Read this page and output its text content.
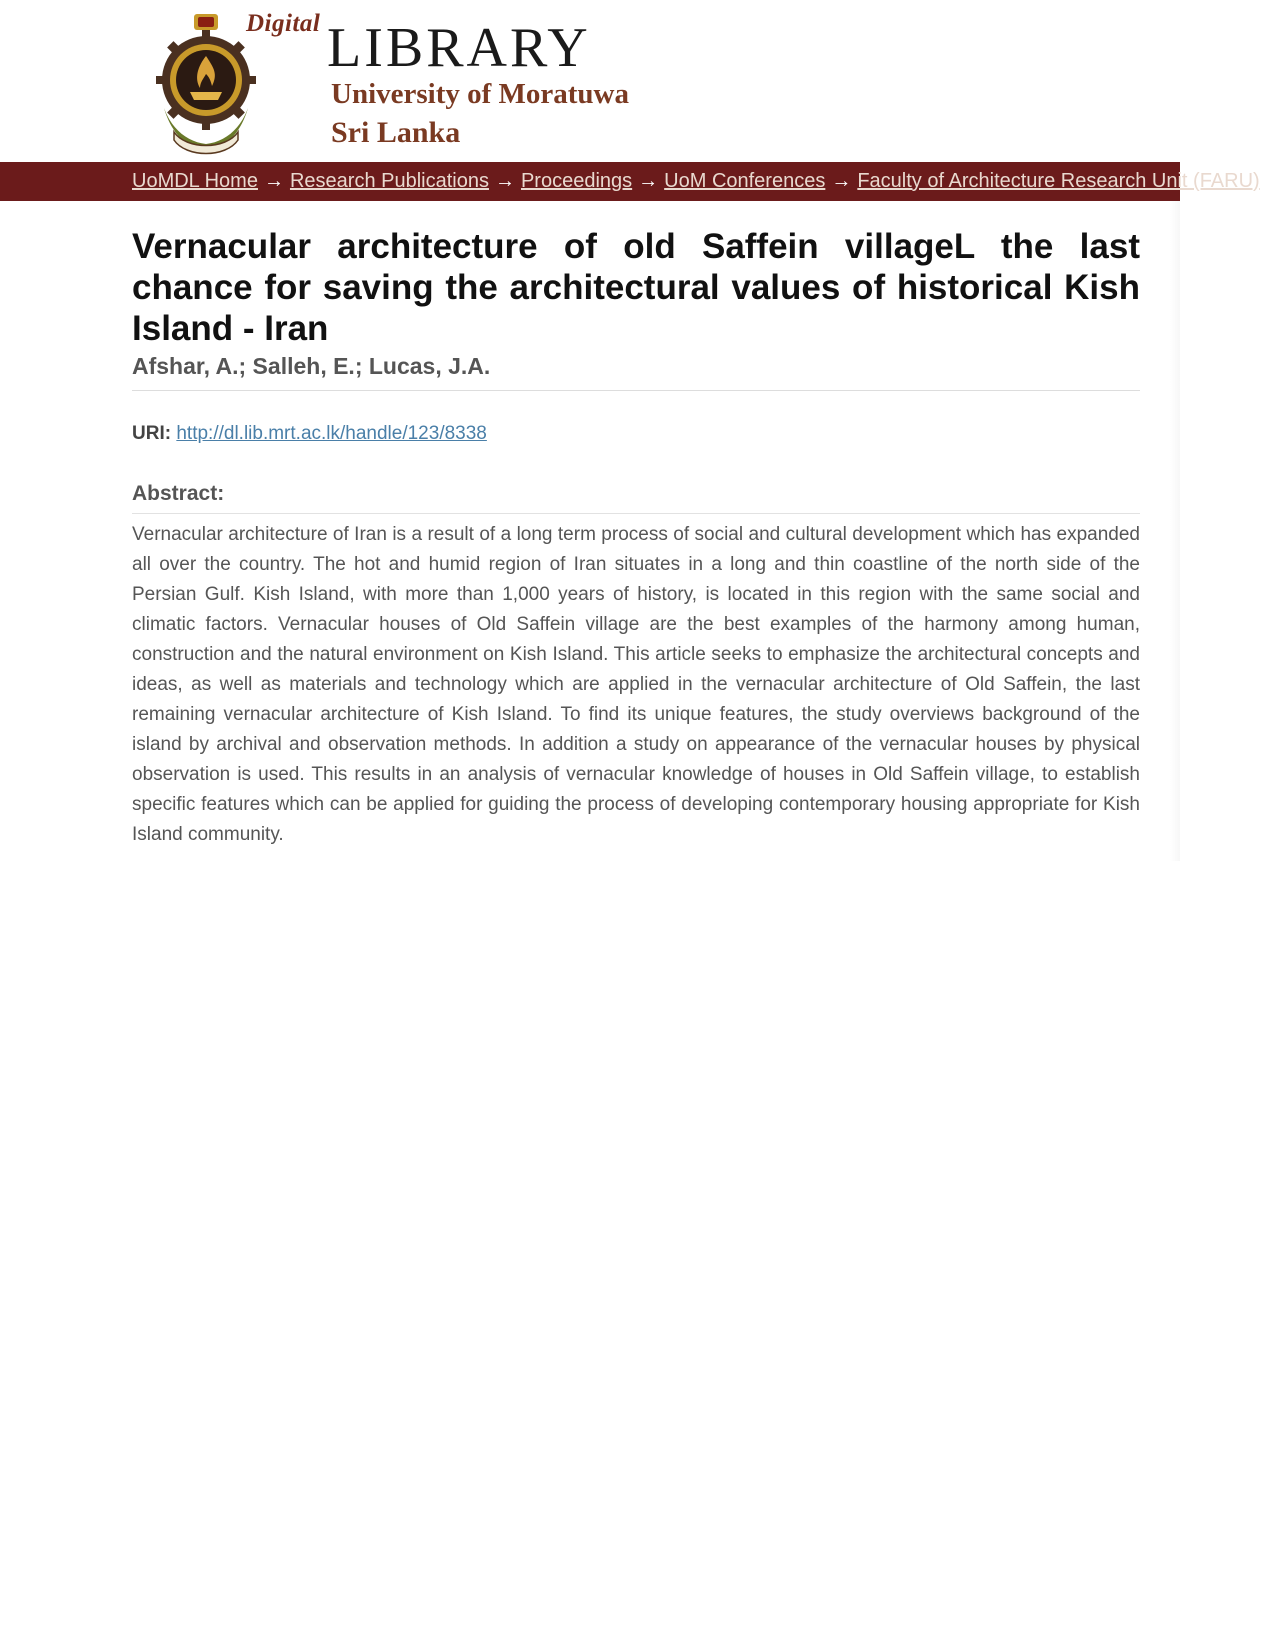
Digital LIBRARY
University of Moratuwa
Sri Lanka
UoMDL Home → Research Publications → Proceedings → UoM Conferences → Faculty of Architecture Research Unit (FARU)
Vernacular architecture of old Saffein villageL the last chance for saving the architectural values of historical Kish Island - Iran
Afshar, A.; Salleh, E.; Lucas, J.A.
URI: http://dl.lib.mrt.ac.lk/handle/123/8338
Abstract:

Vernacular architecture of Iran is a result of a long term process of social and cultural development which has expanded all over the country. The hot and humid region of Iran situates in a long and thin coastline of the north side of the Persian Gulf. Kish Island, with more than 1,000 years of history, is located in this region with the same social and climatic factors. Vernacular houses of Old Saffein village are the best examples of the harmony among human, construction and the natural environment on Kish Island. This article seeks to emphasize the architectural concepts and ideas, as well as materials and technology which are applied in the vernacular architecture of Old Saffein, the last remaining vernacular architecture of Kish Island. To find its unique features, the study overviews background of the island by archival and observation methods. In addition a study on appearance of the vernacular houses by physical observation is used. This results in an analysis of vernacular knowledge of houses in Old Saffein village, to establish specific features which can be applied for guiding the process of developing contemporary housing appropriate for Kish Island community.
